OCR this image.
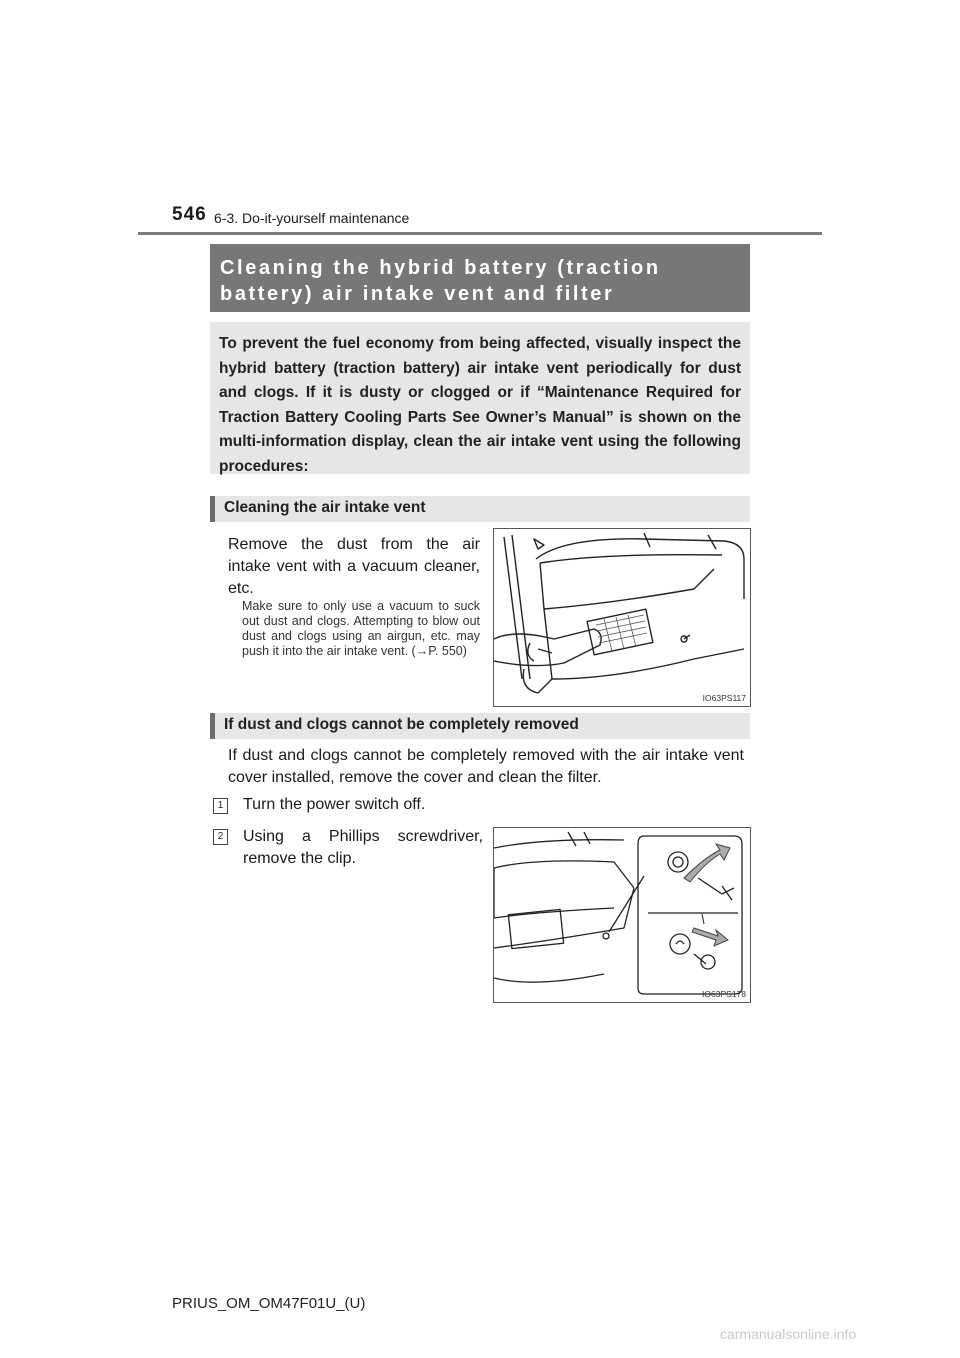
546 6-3. Do-it-yourself maintenance
Cleaning the hybrid battery (traction battery) air intake vent and filter
To prevent the fuel economy from being affected, visually inspect the hybrid battery (traction battery) air intake vent periodically for dust and clogs. If it is dusty or clogged or if “Maintenance Required for Traction Battery Cooling Parts See Owner’s Manual” is shown on the multi-information display, clean the air intake vent using the following procedures:
Cleaning the air intake vent
Remove the dust from the air intake vent with a vacuum cleaner, etc.
Make sure to only use a vacuum to suck out dust and clogs. Attempting to blow out dust and clogs using an airgun, etc. may push it into the air intake vent. (→P. 550)
IO63PS117
If dust and clogs cannot be completely removed
If dust and clogs cannot be completely removed with the air intake vent cover installed, remove the cover and clean the filter.
1 Turn the power switch off.
2 Using a Phillips screwdriver, remove the clip.
IO63PS178
PRIUS_OM_OM47F01U_(U)
carmanualsonline.info
